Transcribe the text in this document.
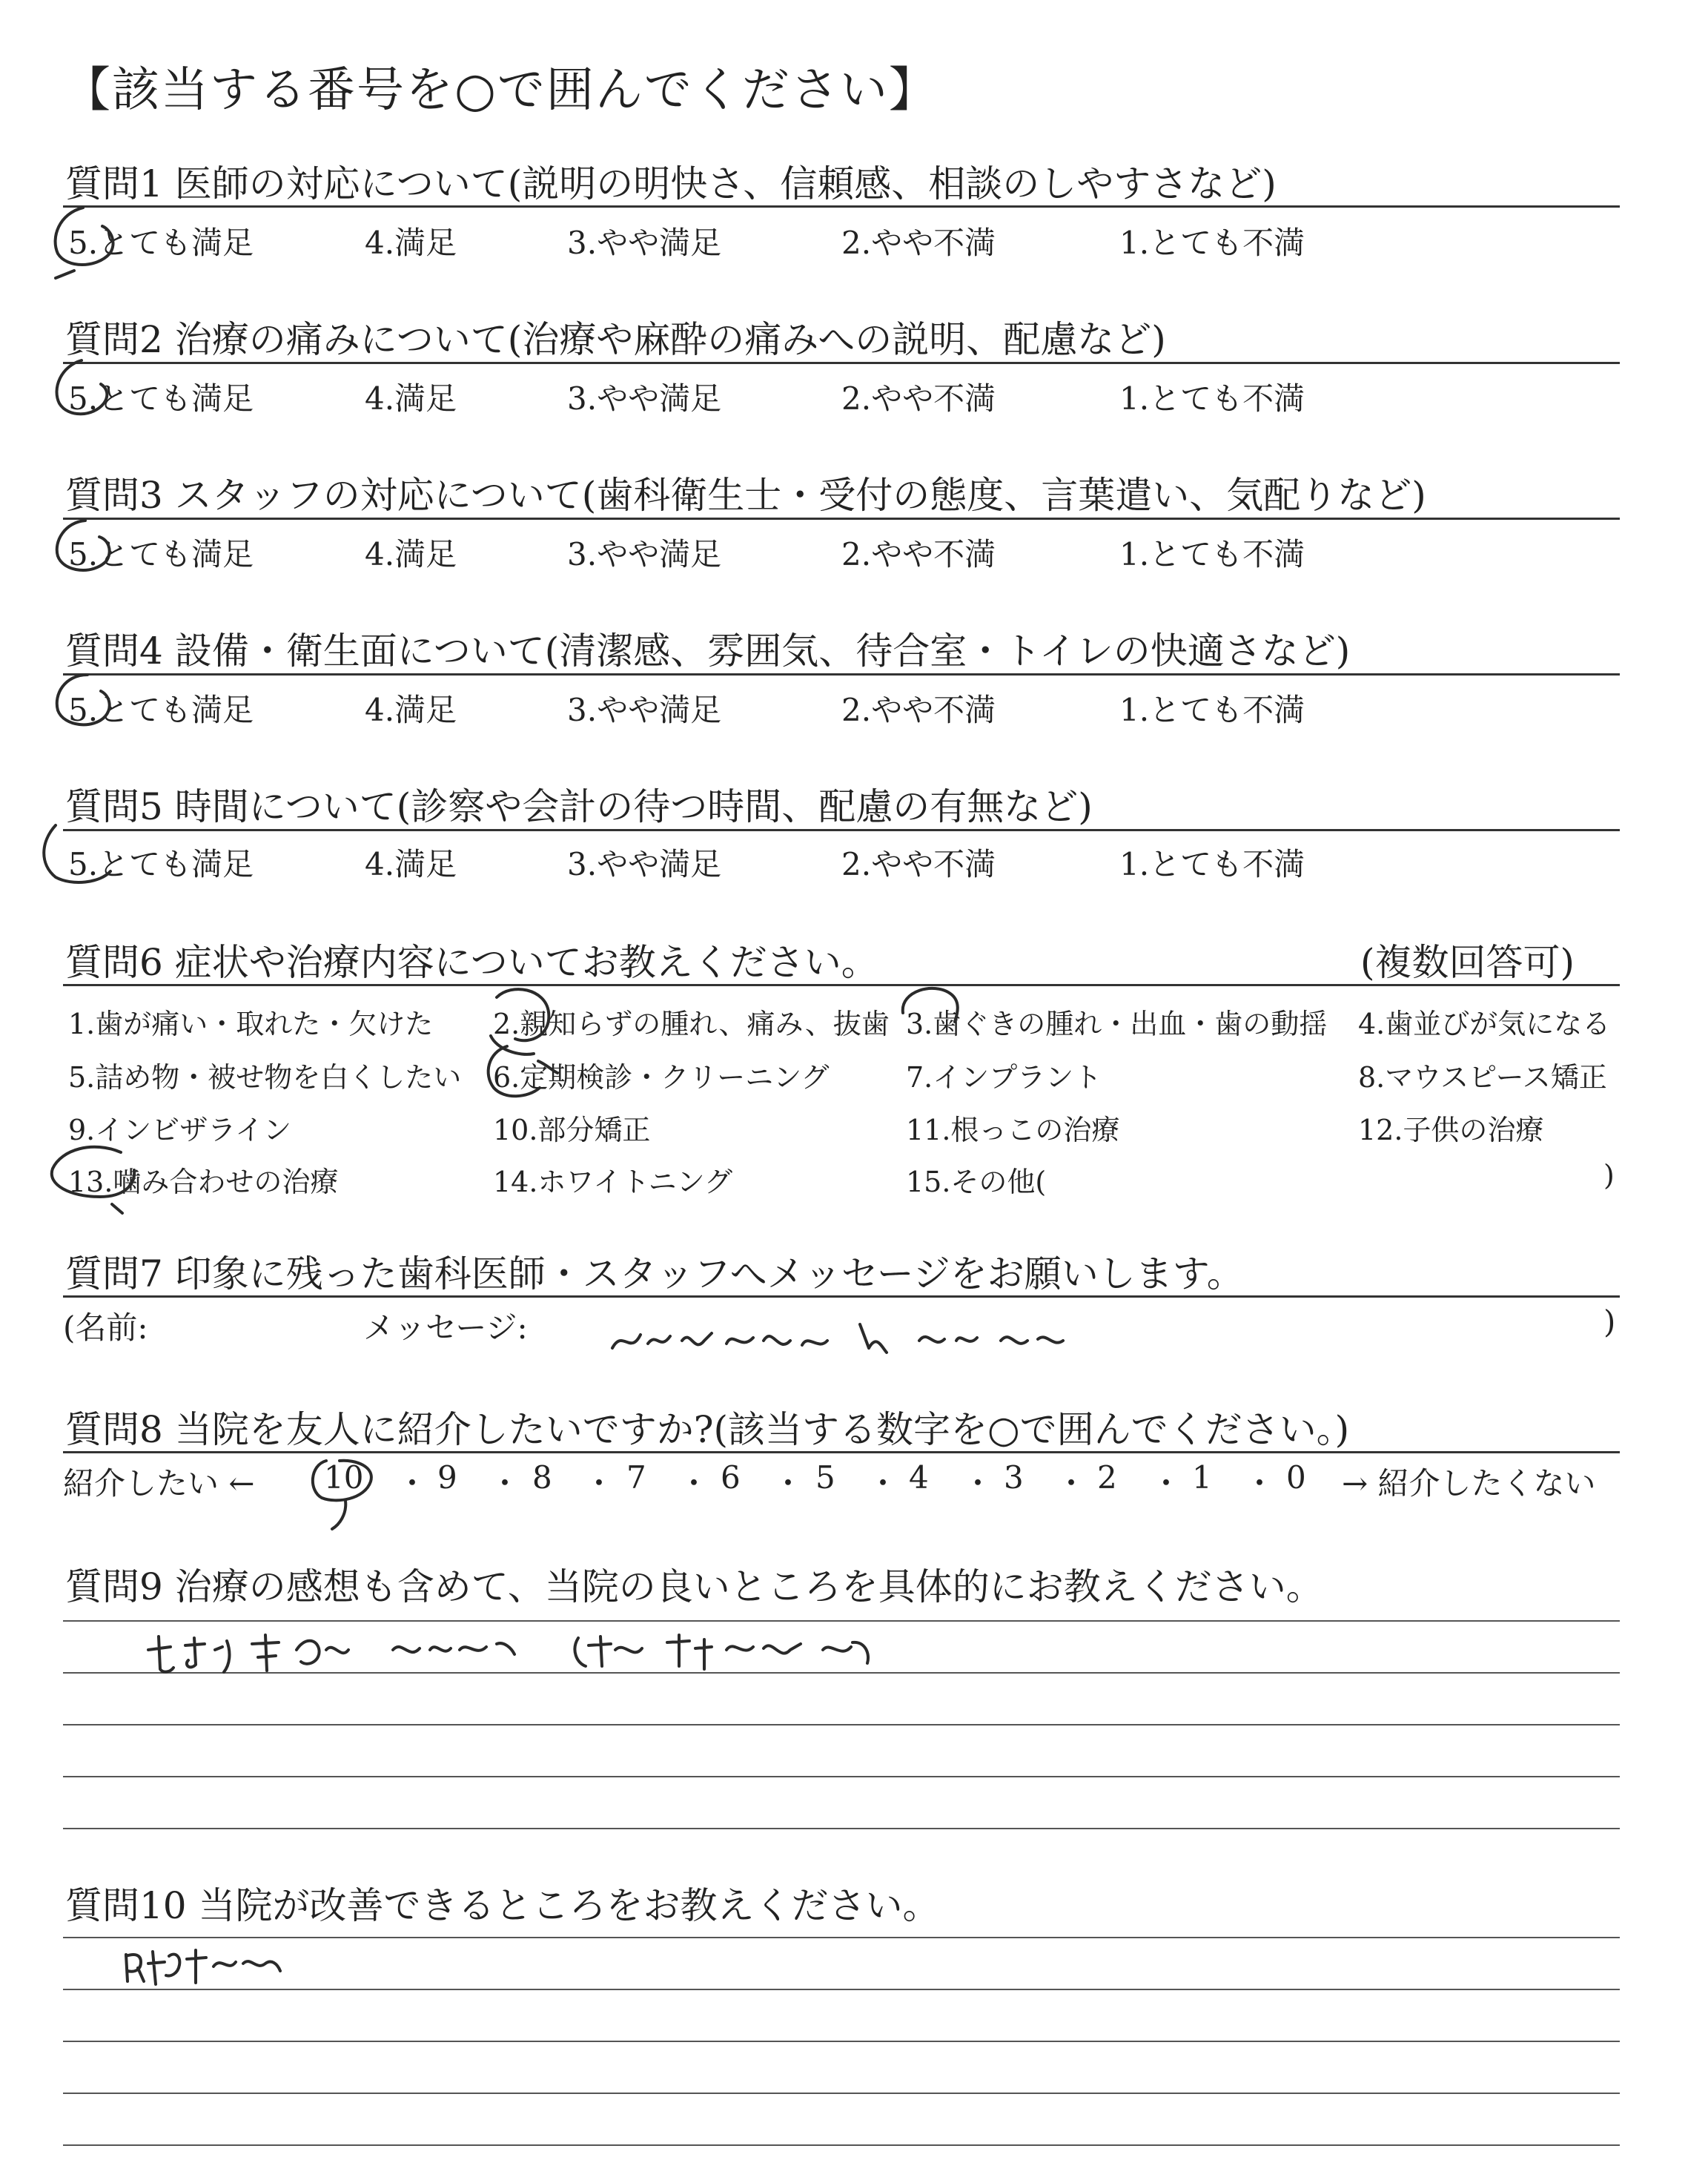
【該当する番号を○で囲んでください】
質問1 医師の対応について(説明の明快さ、信頼感、相談のしやすさなど)
5.とても満足	4.満足	3.やや満足	2.やや不満	1.とても不満
質問2 治療の痛みについて(治療や麻酔の痛みへの説明、配慮など)
5.とても満足	4.満足	3.やや満足	2.やや不満	1.とても不満
質問3 スタッフの対応について(歯科衛生士・受付の態度、言葉遣い、気配りなど)
5.とても満足	4.満足	3.やや満足	2.やや不満	1.とても不満
質問4 設備・衛生面について(清潔感、雰囲気、待合室・トイレの快適さなど)
5.とても満足	4.満足	3.やや満足	2.やや不満	1.とても不満
質問5 時間について(診察や会計の待つ時間、配慮の有無など)
5.とても満足	4.満足	3.やや満足	2.やや不満	1.とても不満
質問6 症状や治療内容についてお教えください。	(複数回答可)
1.歯が痛い・取れた・欠けた 2.親知らずの腫れ、痛み、抜歯 3.歯ぐきの腫れ・出血・歯の動揺 4.歯並びが気になる
5.詰め物・被せ物を白くしたい 6.定期検診・クリーニング	7.インプラント	8.マウスピース矯正
9.インビザライン	10.部分矯正	11.根っこの治療	12.子供の治療
13.噛み合わせの治療	14.ホワイトニング	15.その他(	)
質問7 印象に残った歯科医師・スタッフへメッセージをお願いします。
(名前:	メッセージ:	)
質問8 当院を友人に紹介したいですか?(該当する数字を○で囲んでください。)
紹介したい ← 10 ・ 9 ・ 8 ・ 7 ・ 6 ・ 5 ・ 4 ・ 3 ・ 2 ・ 1 ・ 0 → 紹介したくない
質問9 治療の感想も含めて、当院の良いところを具体的にお教えください。
質問10 当院が改善できるところをお教えください。
